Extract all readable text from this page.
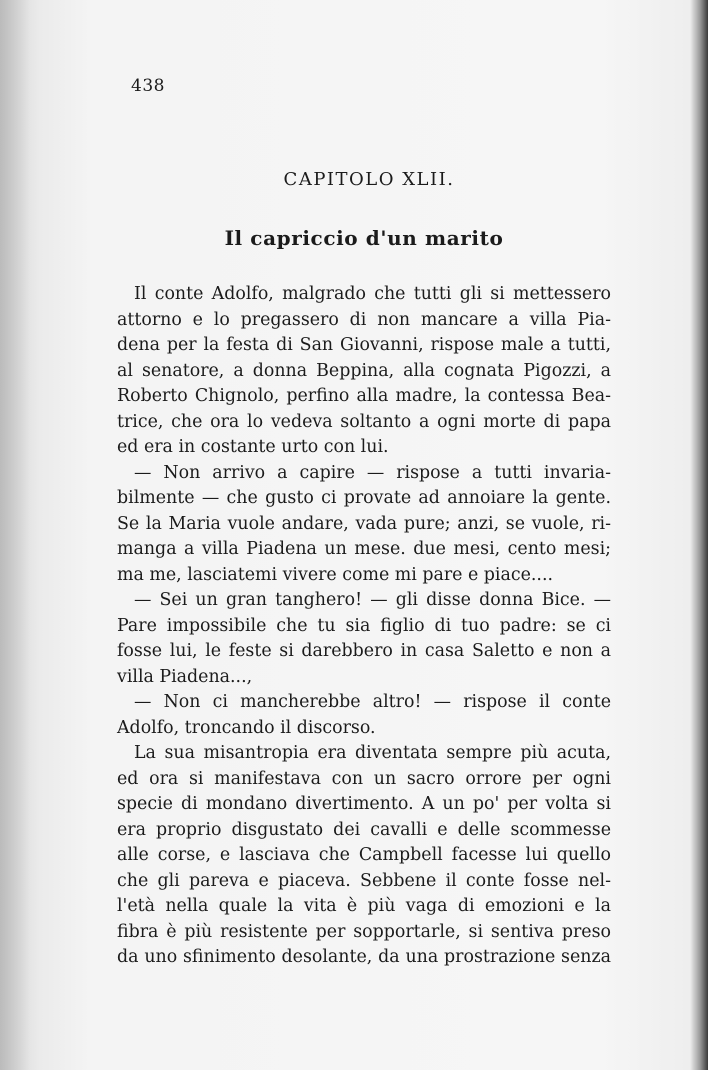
438
CAPITOLO XLII.
Il capriccio d'un marito
Il conte Adolfo, malgrado che tutti gli si mettessero
attorno e lo pregassero di non mancare a villa Pia-
dena per la festa di San Giovanni, rispose male a tutti,
al senatore, a donna Beppina, alla cognata Pigozzi, a
Roberto Chignolo, perfino alla madre, la contessa Bea-
trice, che ora lo vedeva soltanto a ogni morte di papa
ed era in costante urto con lui.
— Non arrivo a capire — rispose a tutti invaria-
bilmente — che gusto ci provate ad annoiare la gente.
Se la Maria vuole andare, vada pure; anzi, se vuole, ri-
manga a villa Piadena un mese. due mesi, cento mesi;
ma me, lasciatemi vivere come mi pare e piace....
— Sei un gran tanghero! — gli disse donna Bice. —
Pare impossibile che tu sia figlio di tuo padre: se ci
fosse lui, le feste si darebbero in casa Saletto e non a
villa Piadena...,
— Non ci mancherebbe altro! — rispose il conte
Adolfo, troncando il discorso.
La sua misantropia era diventata sempre più acuta,
ed ora si manifestava con un sacro orrore per ogni
specie di mondano divertimento. A un po' per volta si
era proprio disgustato dei cavalli e delle scommesse
alle corse, e lasciava che Campbell facesse lui quello
che gli pareva e piaceva. Sebbene il conte fosse nel-
l'età nella quale la vita è più vaga di emozioni e la
fibra è più resistente per sopportarle, si sentiva preso
da uno sfinimento desolante, da una prostrazione senza
